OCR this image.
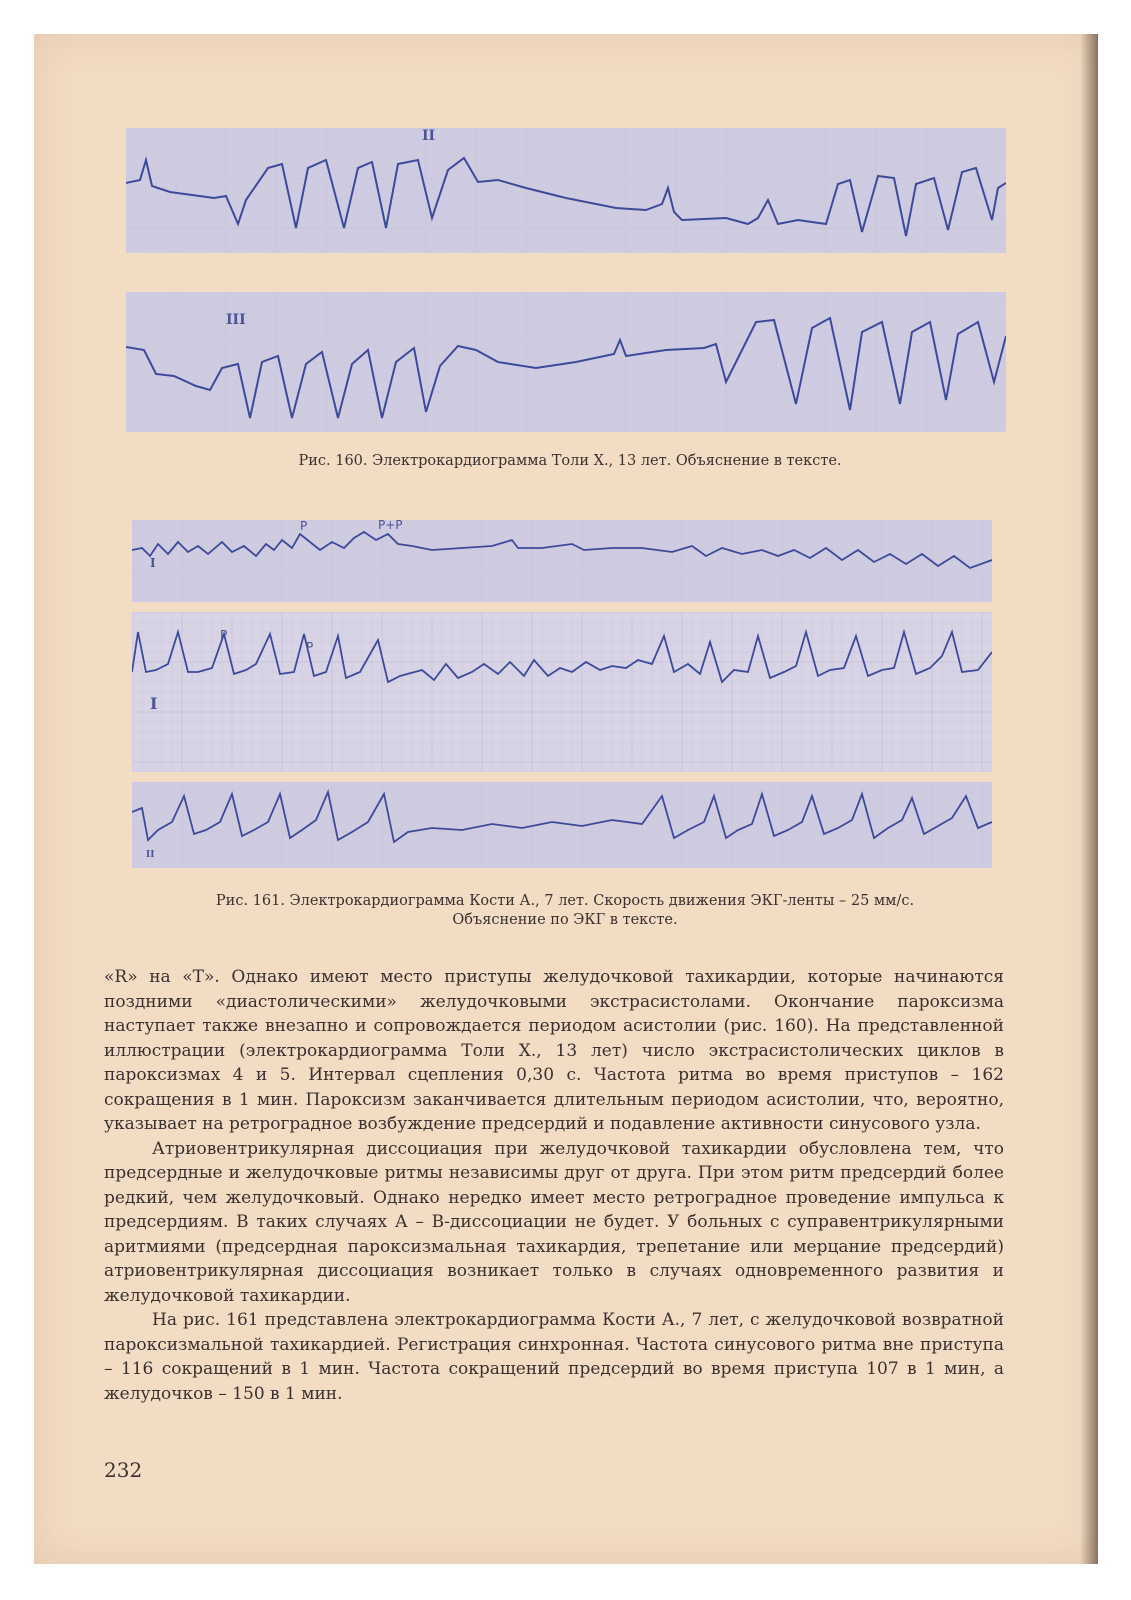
II
III
Рис. 160. Электрокардиограмма Толи Х., 13 лет. Объяснение в тексте.
I
P	P+P
I
P
P
II
Рис. 161. Электрокардиограмма Кости А., 7 лет. Скорость движения ЭКГ-ленты – 25 мм/с.
Объяснение по ЭКГ в тексте.

«R» на «T». Однако имеют место приступы желудочковой тахикардии, которые начинаются поздними «диастолическими» желудочковыми экстрасистолами. Окончание пароксизма наступает также внезапно и сопровождается периодом асистолии (рис. 160). На представленной иллюстрации (электрокардиограмма Толи Х., 13 лет) число экстрасистолических циклов в пароксизмах 4 и 5. Интервал сцепления 0,30 с. Частота ритма во время приступов – 162 сокращения в 1 мин. Пароксизм заканчивается длительным периодом асистолии, что, вероятно, указывает на ретроградное возбуждение предсердий и подавление активности синусового узла.

Атриовентрикулярная диссоциация при желудочковой тахикардии обусловлена тем, что предсердные и желудочковые ритмы независимы друг от друга. При этом ритм предсердий более редкий, чем желудочковый. Однако нередко имеет место ретроградное проведение импульса к предсердиям. В таких случаях А – В-диссоциации не будет. У больных с суправентрикулярными аритмиями (предсердная пароксизмальная тахикардия, трепетание или мерцание предсердий) атриовентрикулярная диссоциация возникает только в случаях одновременного развития и желудочковой тахикардии.

На рис. 161 представлена электрокардиограмма Кости А., 7 лет, с желудочковой возвратной пароксизмальной тахикардией. Регистрация синхронная. Частота синусового ритма вне приступа – 116 сокращений в 1 мин. Частота сокращений предсердий во время приступа 107 в 1 мин, а желудочков – 150 в 1 мин.

232
